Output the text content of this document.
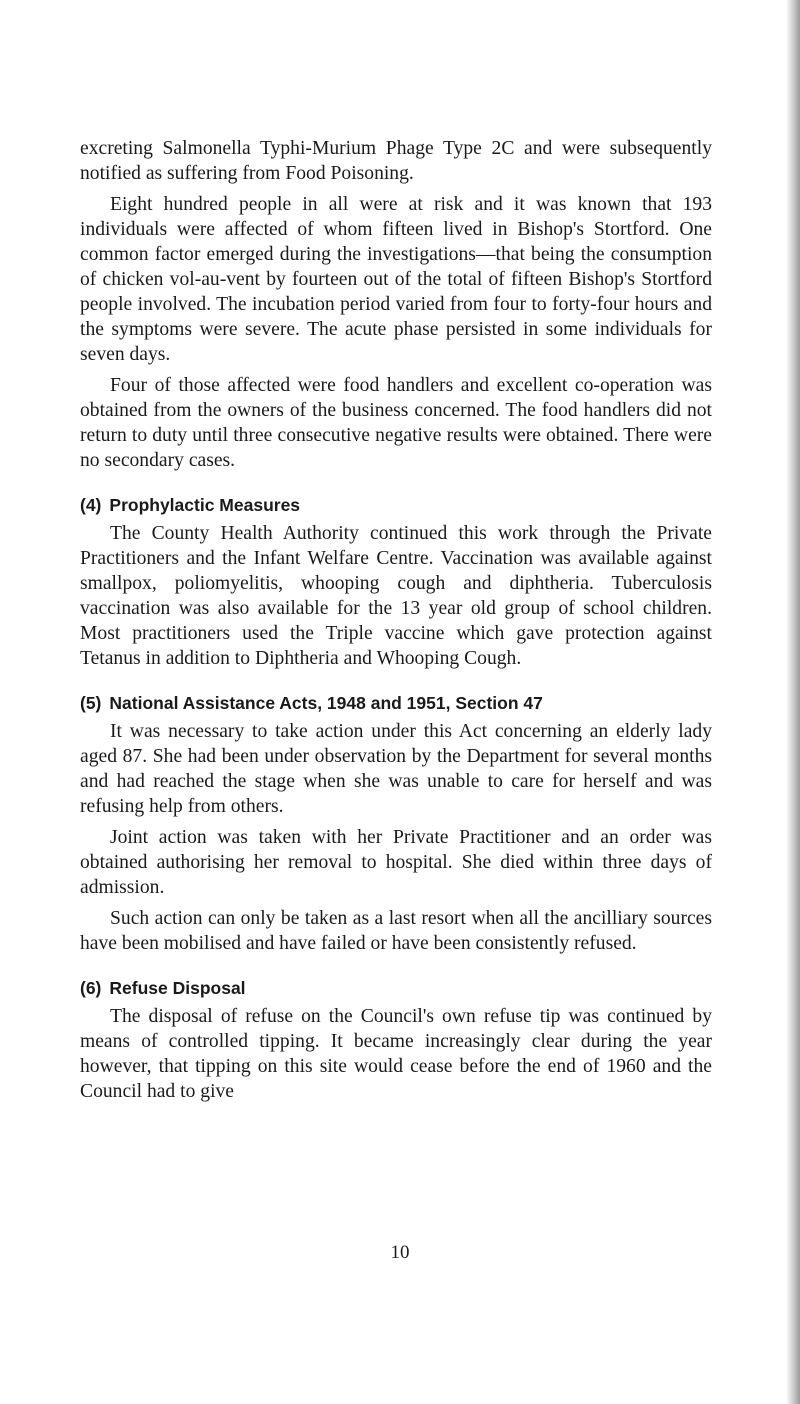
excreting Salmonella Typhi-Murium Phage Type 2C and were subsequently notified as suffering from Food Poisoning.

Eight hundred people in all were at risk and it was known that 193 individuals were affected of whom fifteen lived in Bishop's Stortford. One common factor emerged during the investigations—that being the consumption of chicken vol-au-vent by fourteen out of the total of fifteen Bishop's Stortford people involved. The incubation period varied from four to forty-four hours and the symptoms were severe. The acute phase persisted in some individuals for seven days.

Four of those affected were food handlers and excellent co-operation was obtained from the owners of the business concerned. The food handlers did not return to duty until three consecutive negative results were obtained. There were no secondary cases.

(4) Prophylactic Measures

The County Health Authority continued this work through the Private Practitioners and the Infant Welfare Centre. Vaccination was available against smallpox, poliomyelitis, whooping cough and diphtheria. Tuberculosis vaccination was also available for the 13 year old group of school children. Most practitioners used the Triple vaccine which gave protection against Tetanus in addition to Diphtheria and Whooping Cough.

(5) National Assistance Acts, 1948 and 1951, Section 47

It was necessary to take action under this Act concerning an elderly lady aged 87. She had been under observation by the Department for several months and had reached the stage when she was unable to care for herself and was refusing help from others.

Joint action was taken with her Private Practitioner and an order was obtained authorising her removal to hospital. She died within three days of admission.

Such action can only be taken as a last resort when all the ancilliary sources have been mobilised and have failed or have been consistently refused.

(6) Refuse Disposal

The disposal of refuse on the Council's own refuse tip was continued by means of controlled tipping. It became increasingly clear during the year however, that tipping on this site would cease before the end of 1960 and the Council had to give

10
